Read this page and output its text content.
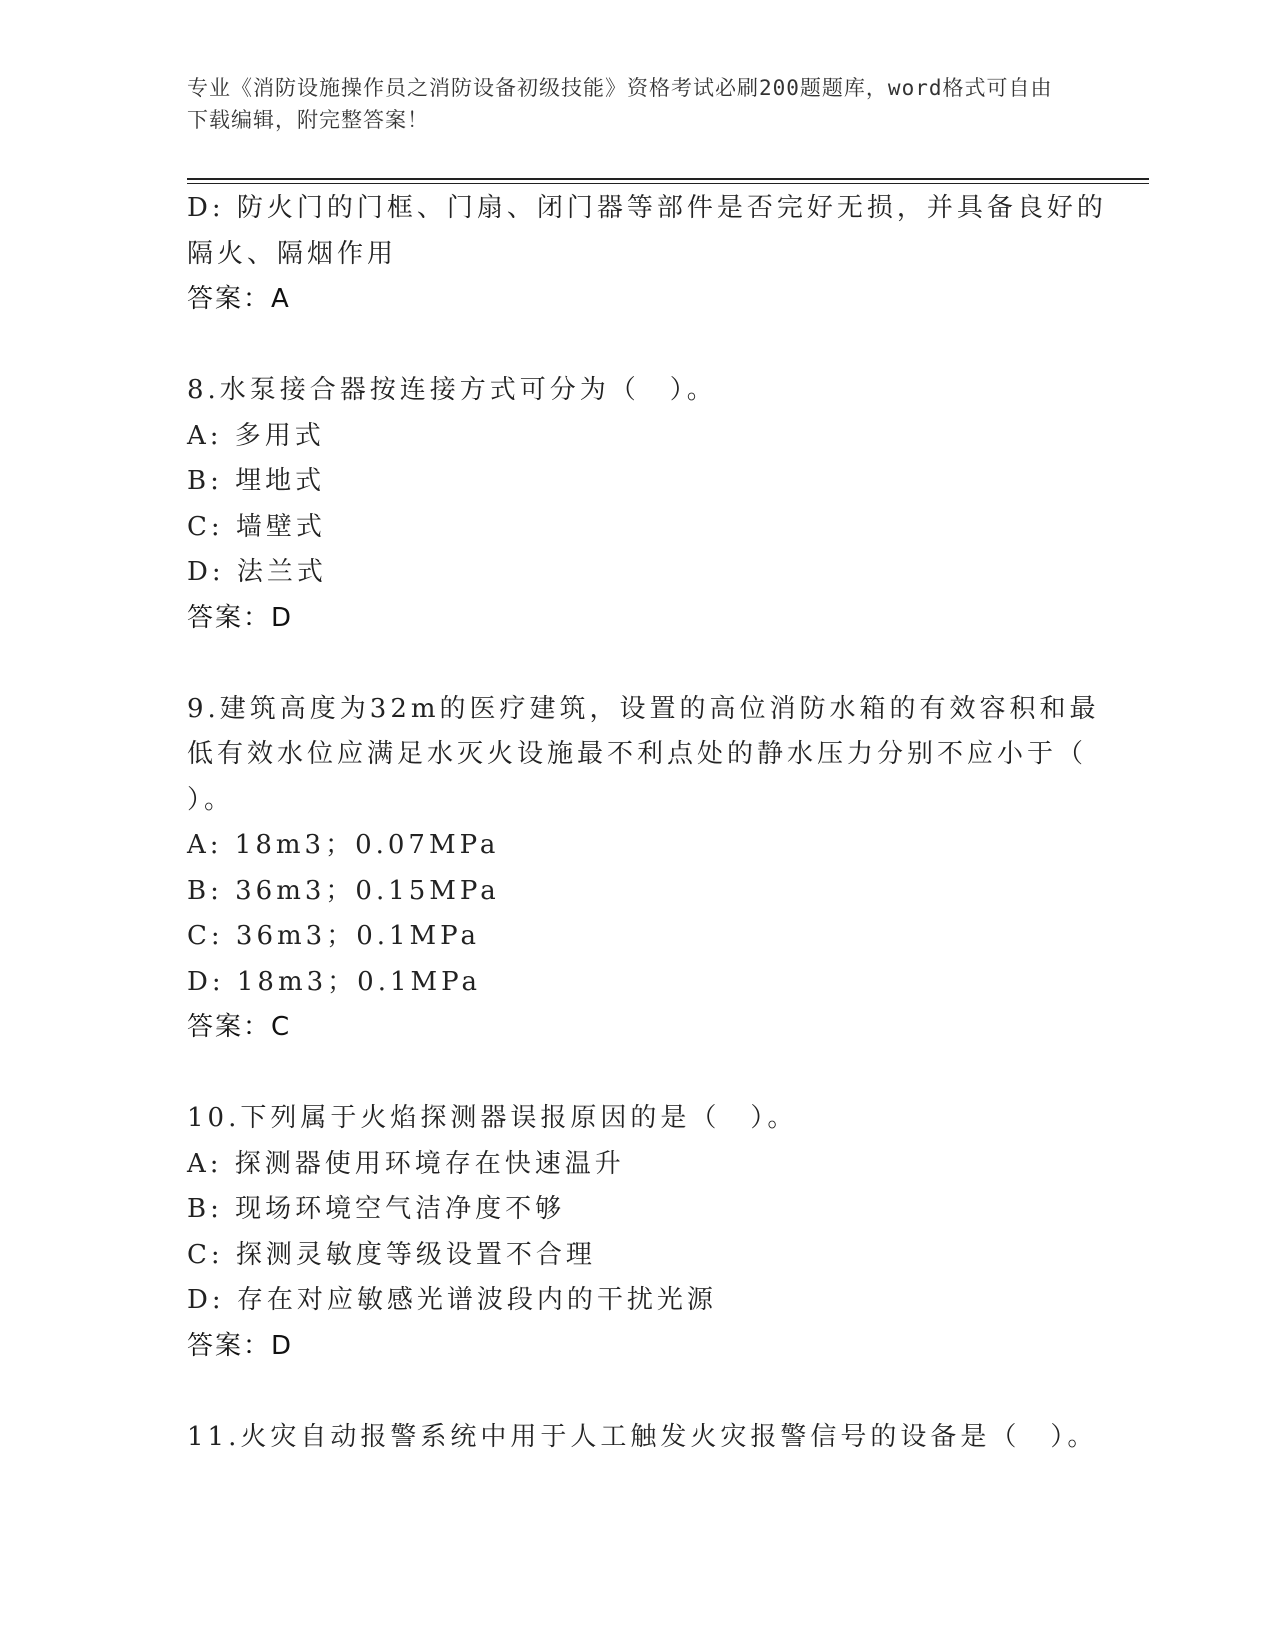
专业《消防设施操作员之消防设备初级技能》资格考试必刷200题题库，word格式可自由下载编辑，附完整答案！
D: 防火门的门框、门扇、闭门器等部件是否完好无损，并具备良好的
隔火、隔烟作用
答案：A
8.水泵接合器按连接方式可分为（　）。
A: 多用式
B: 埋地式
C: 墙壁式
D: 法兰式
答案：D
9.建筑高度为32m的医疗建筑，设置的高位消防水箱的有效容积和最
低有效水位应满足水灭火设施最不利点处的静水压力分别不应小于（
）。
A: 18m3；0.07MPa
B: 36m3；0.15MPa
C: 36m3；0.1MPa
D: 18m3；0.1MPa
答案：C
10.下列属于火焰探测器误报原因的是（　）。
A: 探测器使用环境存在快速温升
B: 现场环境空气洁净度不够
C: 探测灵敏度等级设置不合理
D: 存在对应敏感光谱波段内的干扰光源
答案：D
11.火灾自动报警系统中用于人工触发火灾报警信号的设备是（　）。
